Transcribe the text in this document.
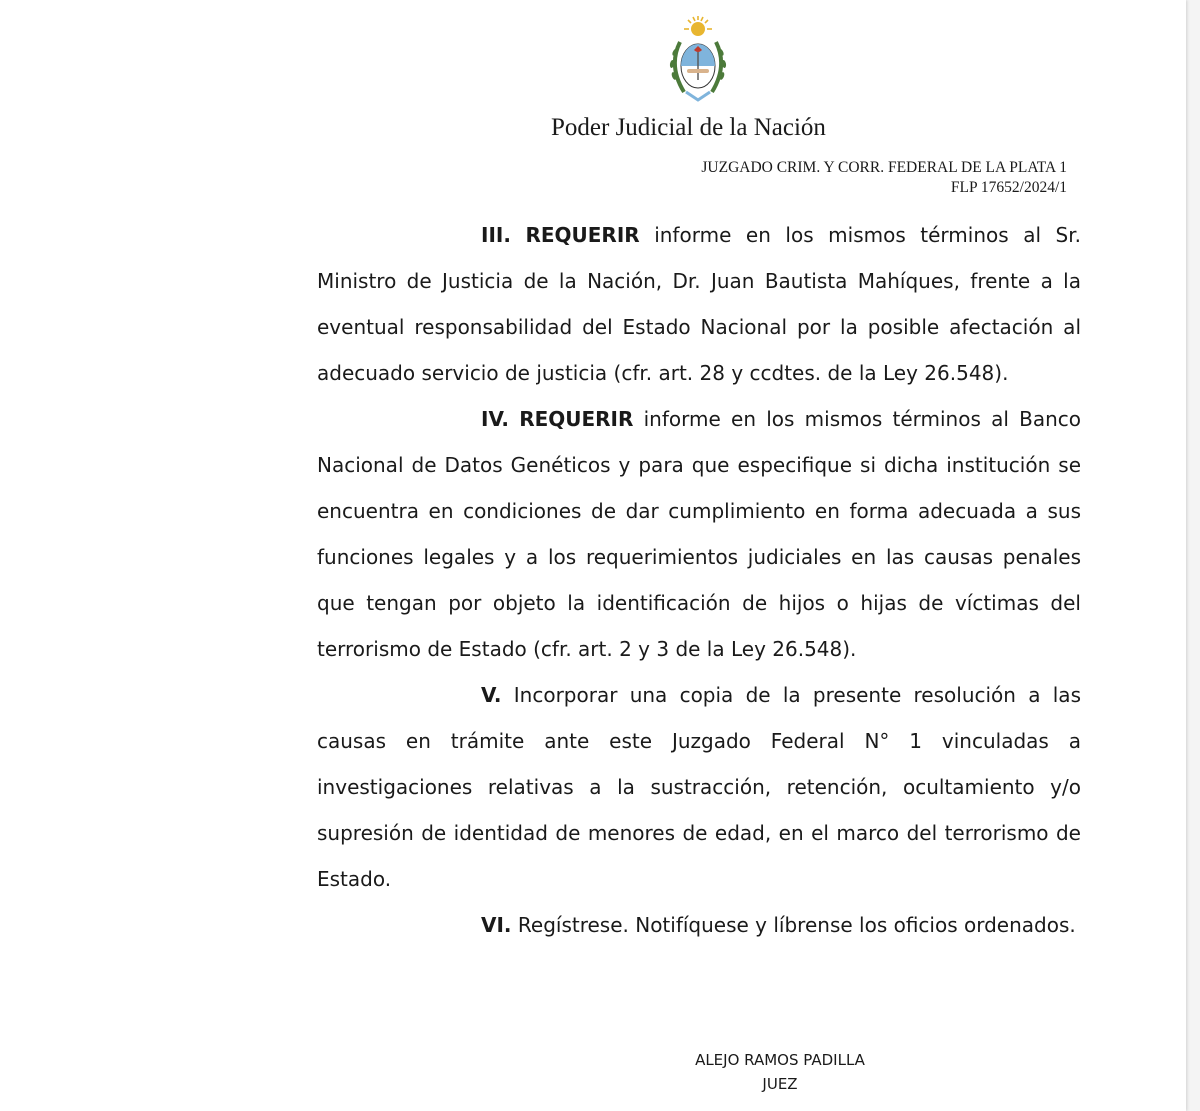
Poder Judicial de la Nación
JUZGADO CRIM. Y CORR. FEDERAL DE LA PLATA 1
FLP 17652/2024/1

III. REQUERIR informe en los mismos términos al Sr. Ministro de Justicia de la Nación, Dr. Juan Bautista Mahíques, frente a la eventual responsabilidad del Estado Nacional por la posible afectación al adecuado servicio de justicia (cfr. art. 28 y ccdtes. de la Ley 26.548).

IV. REQUERIR informe en los mismos términos al Banco Nacional de Datos Genéticos y para que especifique si dicha institución se encuentra en condiciones de dar cumplimiento en forma adecuada a sus funciones legales y a los requerimientos judiciales en las causas penales que tengan por objeto la identificación de hijos o hijas de víctimas del terrorismo de Estado (cfr. art. 2 y 3 de la Ley 26.548).

V. Incorporar una copia de la presente resolución a las causas en trámite ante este Juzgado Federal N° 1 vinculadas a investigaciones relativas a la sustracción, retención, ocultamiento y/o supresión de identidad de menores de edad, en el marco del terrorismo de Estado.

VI. Regístrese. Notifíquese y líbrense los oficios ordenados.

ALEJO RAMOS PADILLA
JUEZ
